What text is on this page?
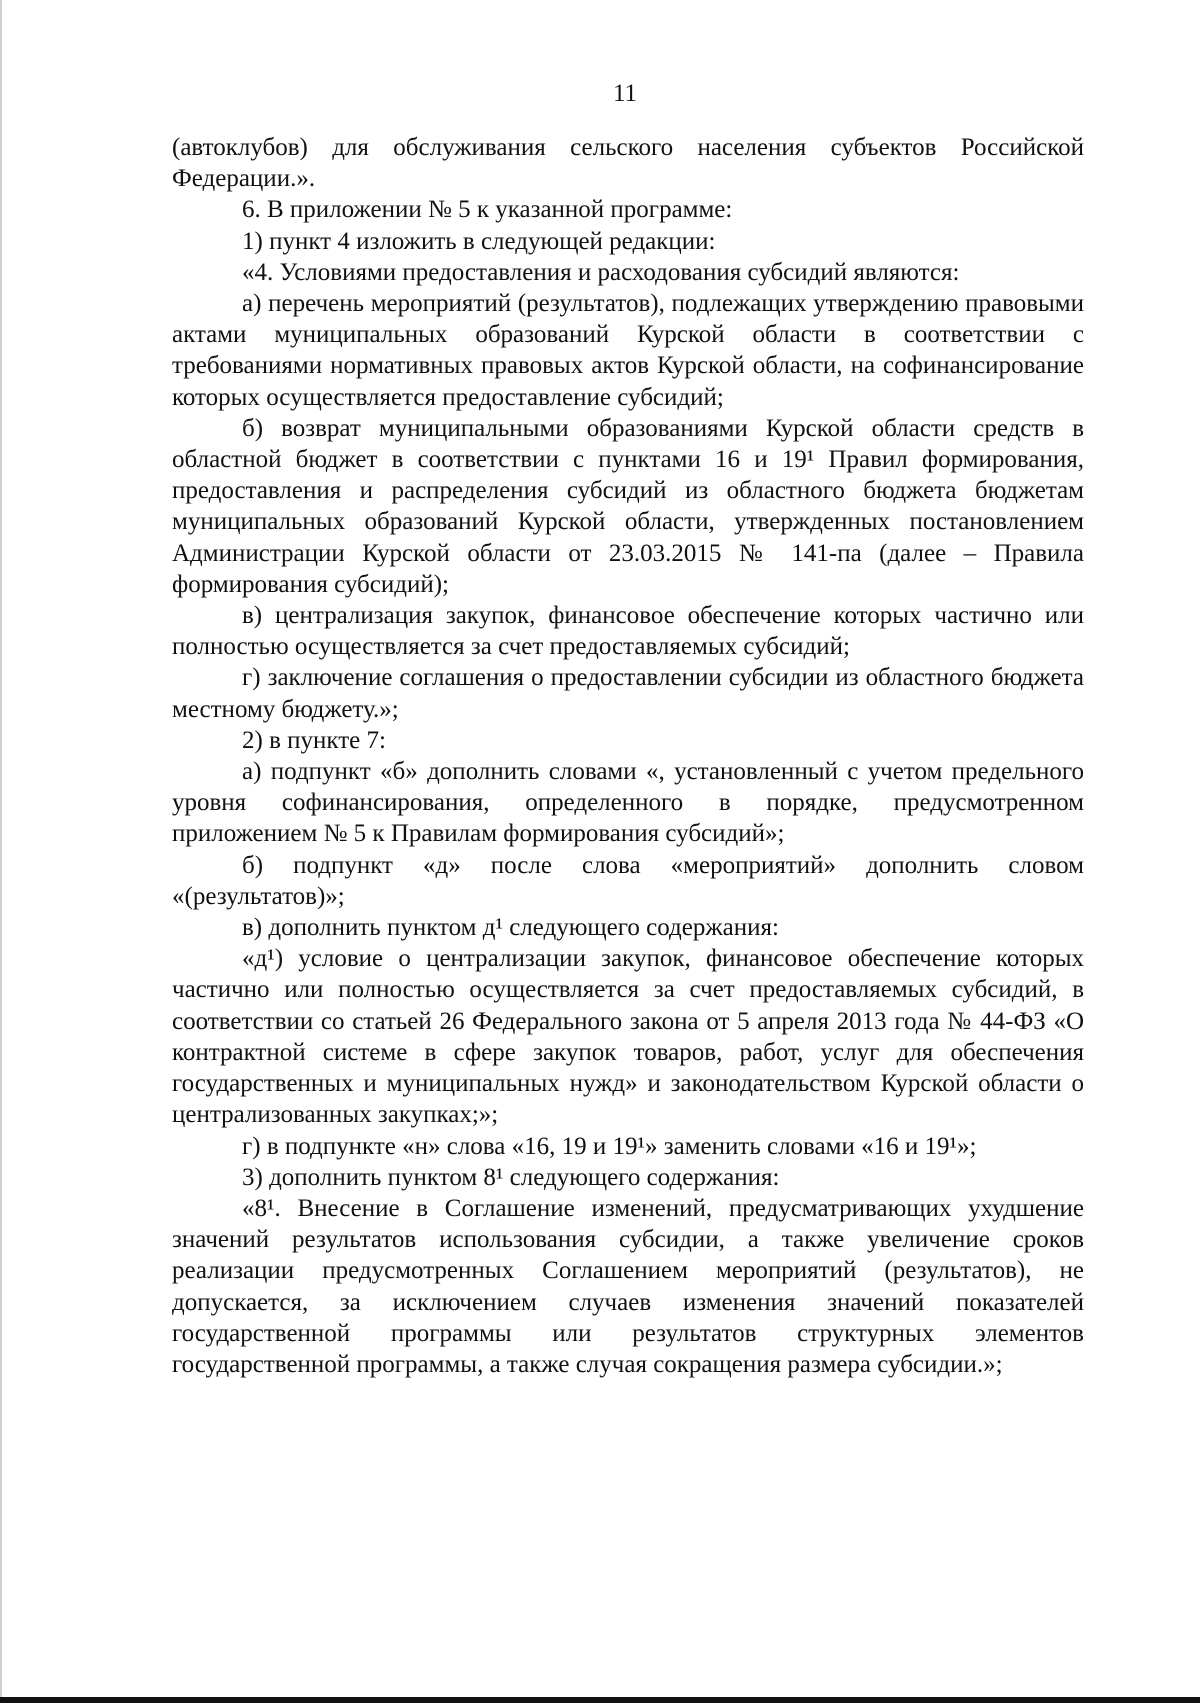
11

(автоклубов) для обслуживания сельского населения субъектов Российской Федерации.».

6. В приложении № 5 к указанной программе:

1) пункт 4 изложить в следующей редакции:

«4. Условиями предоставления и расходования субсидий являются:

а) перечень мероприятий (результатов), подлежащих утверждению правовыми актами муниципальных образований Курской области в соответствии с требованиями нормативных правовых актов Курской области, на софинансирование которых осуществляется предоставление субсидий;

б) возврат муниципальными образованиями Курской области средств в областной бюджет в соответствии с пунктами 16 и 19¹ Правил формирования, предоставления и распределения субсидий из областного бюджета бюджетам муниципальных образований Курской области, утвержденных постановлением Администрации Курской области от 23.03.2015 № 141-па (далее – Правила формирования субсидий);

в) централизация закупок, финансовое обеспечение которых частично или полностью осуществляется за счет предоставляемых субсидий;

г) заключение соглашения о предоставлении субсидии из областного бюджета местному бюджету.»;

2) в пункте 7:

а) подпункт «б» дополнить словами «, установленный с учетом предельного уровня софинансирования, определенного в порядке, предусмотренном приложением № 5 к Правилам формирования субсидий»;

б) подпункт «д» после слова «мероприятий» дополнить словом «(результатов)»;

в) дополнить пунктом д¹ следующего содержания:

«д¹) условие о централизации закупок, финансовое обеспечение которых частично или полностью осуществляется за счет предоставляемых субсидий, в соответствии со статьей 26 Федерального закона от 5 апреля 2013 года № 44-ФЗ «О контрактной системе в сфере закупок товаров, работ, услуг для обеспечения государственных и муниципальных нужд» и законодательством Курской области о централизованных закупках;»;

г) в подпункте «н» слова «16, 19 и 19¹» заменить словами «16 и 19¹»;

3) дополнить пунктом 8¹ следующего содержания:

«8¹. Внесение в Соглашение изменений, предусматривающих ухудшение значений результатов использования субсидии, а также увеличение сроков реализации предусмотренных Соглашением мероприятий (результатов), не допускается, за исключением случаев изменения значений показателей государственной программы или результатов структурных элементов государственной программы, а также случая сокращения размера субсидии.»;
